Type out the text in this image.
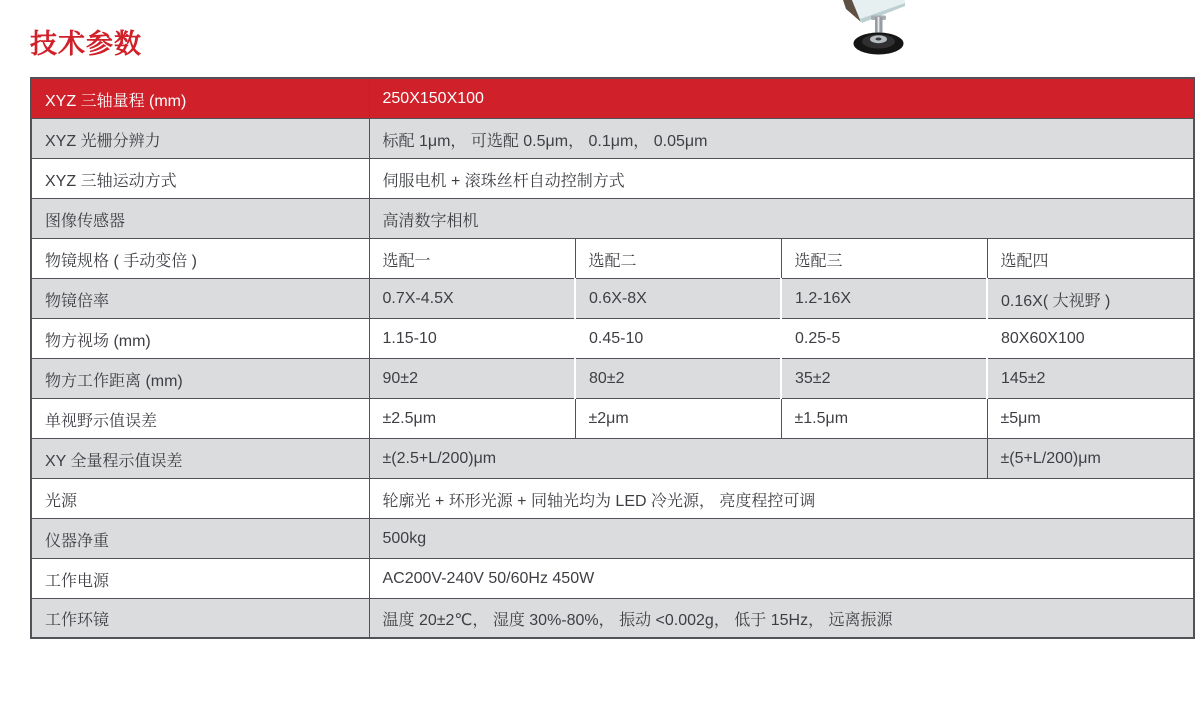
技术参数
XYZ 三轴量程 (mm)	250X150X100			
XYZ 光栅分辨力	标配 1μm， 可选配 0.5μm， 0.1μm， 0.05μm			
XYZ 三轴运动方式	伺服电机 + 滚珠丝杆自动控制方式			
图像传感器	高清数字相机			
物镜规格 ( 手动变倍 )	选配一	选配二	选配三	选配四
物镜倍率	0.7X-4.5X	0.6X-8X	1.2-16X	0.16X( 大视野 )
物方视场 (mm)	1.15-10	0.45-10	0.25-5	80X60X100
物方工作距离 (mm)	90±2	80±2	35±2	145±2
单视野示值误差	±2.5μm	±2μm	±1.5μm	±5μm
XY 全量程示值误差	±(2.5+L/200)μm			±(5+L/200)μm
光源	轮廓光 + 环形光源 + 同轴光均为 LED 冷光源， 亮度程控可调			
仪器净重	500kg			
工作电源	AC200V-240V 50/60Hz 450W			
工作环镜	温度 20±2℃， 湿度 30%-80%， 振动 <0.002g， 低于 15Hz， 远离振源			
